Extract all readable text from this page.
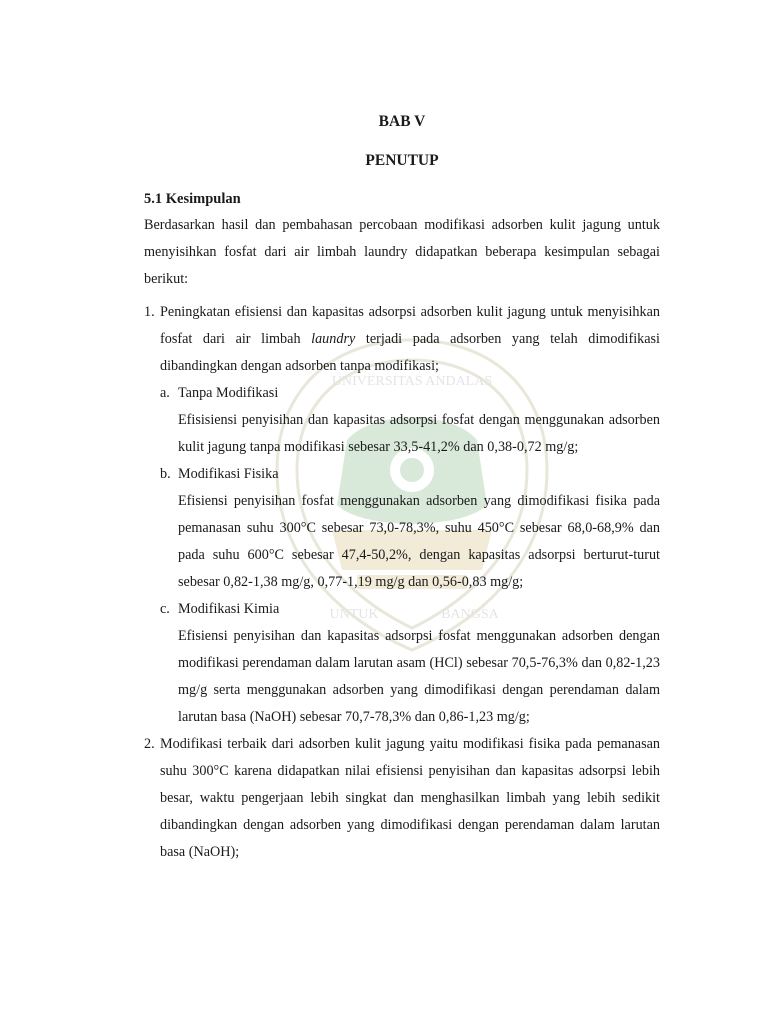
UNIVERSITAS ANDALAS
UNTUK	BANGSA
BAB V
PENUTUP
5.1 Kesimpulan

Berdasarkan hasil dan pembahasan percobaan modifikasi adsorben kulit jagung untuk menyisihkan fosfat dari air limbah laundry didapatkan beberapa kesimpulan sebagai berikut:

1. Peningkatan efisiensi dan kapasitas adsorpsi adsorben kulit jagung untuk menyisihkan fosfat dari air limbah laundry terjadi pada adsorben yang telah dimodifikasi dibandingkan dengan adsorben tanpa modifikasi;

a. Tanpa Modifikasi
Efisisiensi penyisihan dan kapasitas adsorpsi fosfat dengan menggunakan adsorben kulit jagung tanpa modifikasi sebesar 33,5-41,2% dan 0,38-0,72 mg/g;
b. Modifikasi Fisika
Efisiensi penyisihan fosfat menggunakan adsorben yang dimodifikasi fisika pada pemanasan suhu 300°C sebesar 73,0-78,3%, suhu 450°C sebesar 68,0-68,9% dan pada suhu 600°C sebesar 47,4-50,2%, dengan kapasitas adsorpsi berturut-turut sebesar 0,82-1,38 mg/g, 0,77-1,19 mg/g dan 0,56-0,83 mg/g;
c. Modifikasi Kimia
Efisiensi penyisihan dan kapasitas adsorpsi fosfat menggunakan adsorben dengan modifikasi perendaman dalam larutan asam (HCl) sebesar 70,5-76,3% dan 0,82-1,23 mg/g serta menggunakan adsorben yang dimodifikasi dengan perendaman dalam larutan basa (NaOH) sebesar 70,7-78,3% dan 0,86-1,23 mg/g;
2. Modifikasi terbaik dari adsorben kulit jagung yaitu modifikasi fisika pada pemanasan suhu 300°C karena didapatkan nilai efisiensi penyisihan dan kapasitas adsorpsi lebih besar, waktu pengerjaan lebih singkat dan menghasilkan limbah yang lebih sedikit dibandingkan dengan adsorben yang dimodifikasi dengan perendaman dalam larutan basa (NaOH);
